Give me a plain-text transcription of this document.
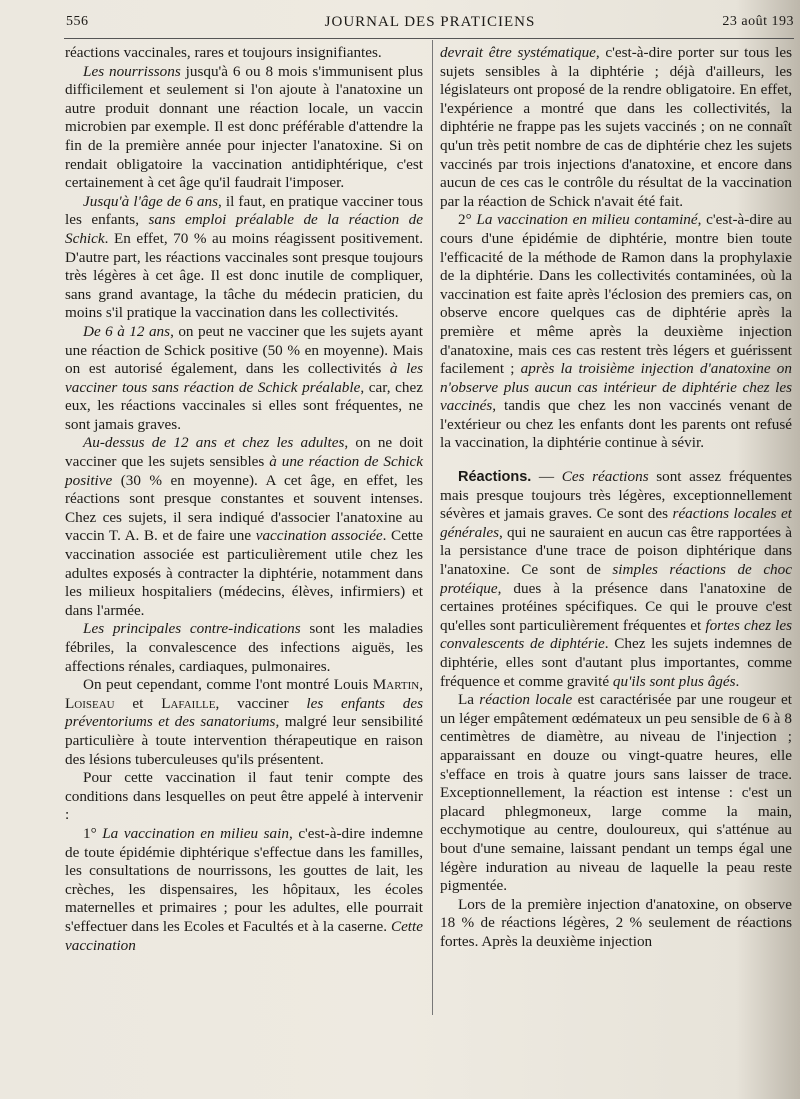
556	JOURNAL DES PRATICIENS	23 août 193

réactions vaccinales, rares et toujours insignifiantes.

Les nourrissons jusqu'à 6 ou 8 mois s'immunisent plus difficilement et seulement si l'on ajoute à l'anatoxine un autre produit donnant une réaction locale, un vaccin microbien par exemple. Il est donc préférable d'attendre la fin de la première année pour injecter l'anatoxine. Si on rendait obligatoire la vaccination antidiphtérique, c'est certainement à cet âge qu'il faudrait l'imposer.

Jusqu'à l'âge de 6 ans, il faut, en pratique vacciner tous les enfants, sans emploi préalable de la réaction de Schick. En effet, 70 % au moins réagissent positivement. D'autre part, les réactions vaccinales sont presque toujours très légères à cet âge. Il est donc inutile de compliquer, sans grand avantage, la tâche du médecin praticien, du moins s'il pratique la vaccination dans les collectivités.

De 6 à 12 ans, on peut ne vacciner que les sujets ayant une réaction de Schick positive (50 % en moyenne). Mais on est autorisé également, dans les collectivités à les vacciner tous sans réaction de Schick préalable, car, chez eux, les réactions vaccinales si elles sont fréquentes, ne sont jamais graves.

Au-dessus de 12 ans et chez les adultes, on ne doit vacciner que les sujets sensibles à une réaction de Schick positive (30 % en moyenne). A cet âge, en effet, les réactions sont presque constantes et souvent intenses. Chez ces sujets, il sera indiqué d'associer l'anatoxine au vaccin T. A. B. et de faire une vaccination associée. Cette vaccination associée est particulièrement utile chez les adultes exposés à contracter la diphtérie, notamment dans les milieux hospitaliers (médecins, élèves, infirmiers) et dans l'armée.

Les principales contre-indications sont les maladies fébriles, la convalescence des infections aiguës, les affections rénales, cardiaques, pulmonaires.

On peut cependant, comme l'ont montré Louis Martin, Loiseau et Lafaille, vacciner les enfants des préventoriums et des sanatoriums, malgré leur sensibilité particulière à toute intervention thérapeutique en raison des lésions tuberculeuses qu'ils présentent.

Pour cette vaccination il faut tenir compte des conditions dans lesquelles on peut être appelé à intervenir :

1° La vaccination en milieu sain, c'est-à-dire indemne de toute épidémie diphtérique s'effectue dans les familles, les consultations de nourrissons, les gouttes de lait, les crèches, les dispensaires, les hôpitaux, les écoles maternelles et primaires ; pour les adultes, elle pourrait s'effectuer dans les Ecoles et Facultés et à la caserne. Cette vaccination

devrait être systématique, c'est-à-dire porter sur tous les sujets sensibles à la diphtérie ; déjà d'ailleurs, les législateurs ont proposé de la rendre obligatoire. En effet, l'expérience a montré que dans les collectivités, la diphtérie ne frappe pas les sujets vaccinés ; on ne connaît qu'un très petit nombre de cas de diphtérie chez les sujets vaccinés par trois injections d'anatoxine, et encore dans aucun de ces cas le contrôle du résultat de la vaccination par la réaction de Schick n'avait été fait.

2° La vaccination en milieu contaminé, c'est-à-dire au cours d'une épidémie de diphtérie, montre bien toute l'efficacité de la méthode de Ramon dans la prophylaxie de la diphtérie. Dans les collectivités contaminées, où la vaccination est faite après l'éclosion des premiers cas, on observe encore quelques cas de diphtérie après la première et même après la deuxième injection d'anatoxine, mais ces cas restent très légers et guérissent facilement ; après la troisième injection d'anatoxine on n'observe plus aucun cas intérieur de diphtérie chez les vaccinés, tandis que chez les non vaccinés venant de l'extérieur ou chez les enfants dont les parents ont refusé la vaccination, la diphtérie continue à sévir.

Réactions. — Ces réactions sont assez fréquentes mais presque toujours très légères, exceptionnellement sévères et jamais graves. Ce sont des réactions locales et générales, qui ne sauraient en aucun cas être rapportées à la persistance d'une trace de poison diphtérique dans l'anatoxine. Ce sont de simples réactions de choc protéique, dues à la présence dans l'anatoxine de certaines protéines spécifiques. Ce qui le prouve c'est qu'elles sont particulièrement fréquentes et fortes chez les convalescents de diphtérie. Chez les sujets indemnes de diphtérie, elles sont d'autant plus importantes, comme fréquence et comme gravité qu'ils sont plus âgés.

La réaction locale est caractérisée par une rougeur et un léger empâtement œdémateux un peu sensible de 6 à 8 centimètres de diamètre, au niveau de l'injection ; apparaissant en douze ou vingt-quatre heures, elle s'efface en trois à quatre jours sans laisser de trace. Exceptionnellement, la réaction est intense : c'est un placard phlegmoneux, large comme la main, ecchymotique au centre, douloureux, qui s'atténue au bout d'une semaine, laissant pendant un temps égal une légère induration au niveau de laquelle la peau reste pigmentée.

Lors de la première injection d'anatoxine, on observe 18 % de réactions légères, 2 % seulement de réactions fortes. Après la deuxième injection
